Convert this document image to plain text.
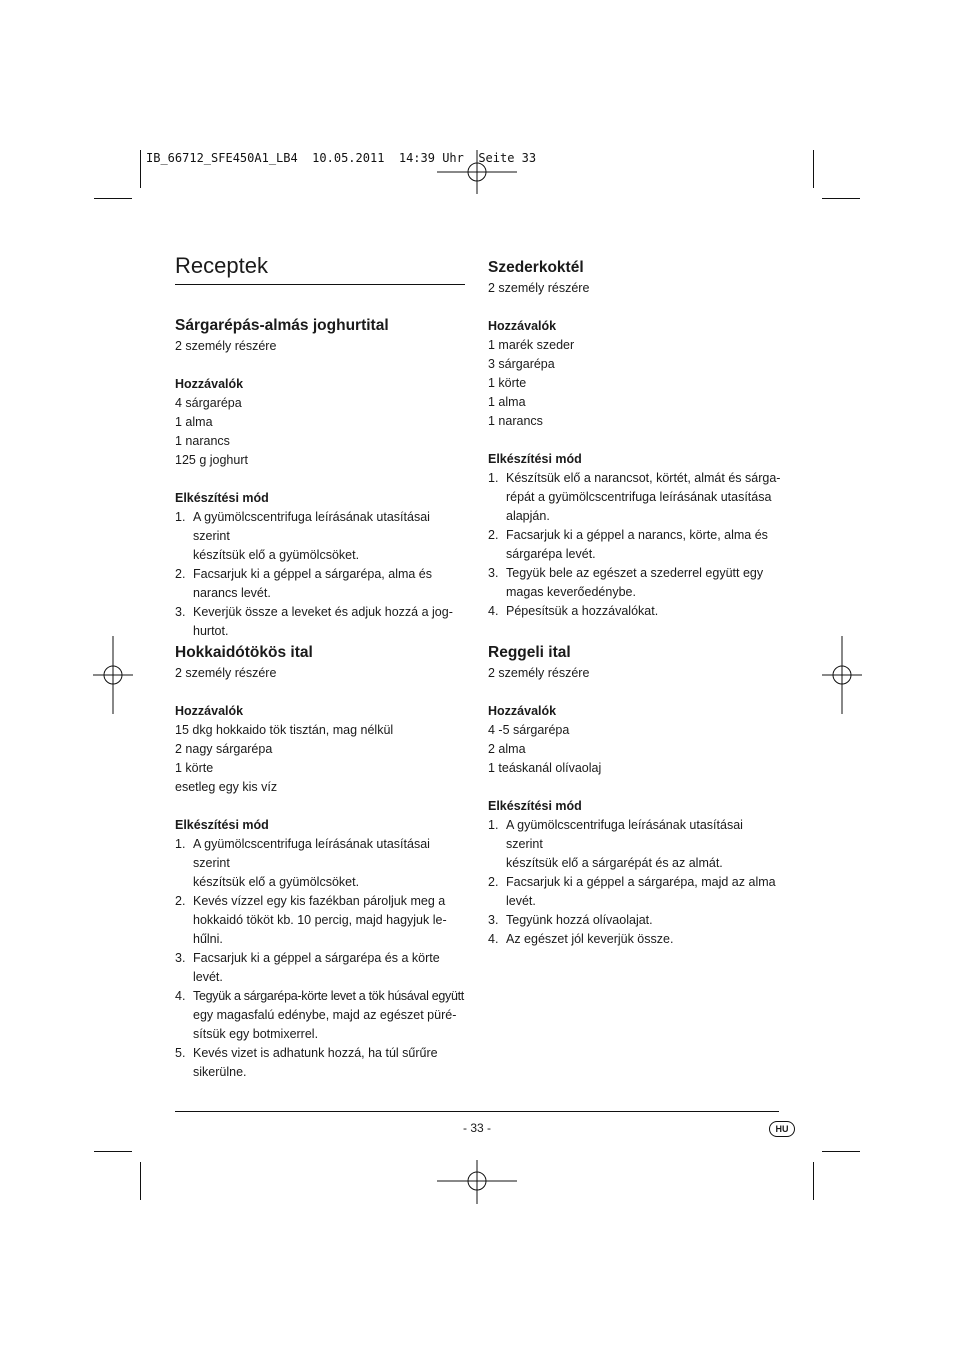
IB_66712_SFE450A1_LB4  10.05.2011  14:39 Uhr  Seite 33
Receptek
Sárgarépás-almás joghurtital

2 személy részére

Hozzávalók
4 sárgarépa
1 alma
1 narancs
125 g joghurt
Elkészítési mód
1. A gyümölcscentrifuga leírásának utasításai szerint
készítsük elő a gyümölcsöket.
2. Facsarjuk ki a géppel a sárgarépa, alma és
narancs levét.
3. Keverjük össze a leveket és adjuk hozzá a jog-
hurtot.
Hokkaidótökös ital

2 személy részére

Hozzávalók
15 dkg hokkaido tök tisztán, mag nélkül
2 nagy sárgarépa
1 körte
esetleg egy kis víz
Elkészítési mód
1. A gyümölcscentrifuga leírásának utasításai szerint
készítsük elő a gyümölcsöket.
2. Kevés vízzel egy kis fazékban pároljuk meg a
hokkaidó tököt kb. 10 percig, majd hagyjuk le-
hűlni.
3. Facsarjuk ki a géppel a sárgarépa és a körte
levét.
4. Tegyük a sárgarépa-körte levet a tök húsával együtt
egy magasfalú edénybe, majd az egészet püré-
sítsük egy botmixerrel.
5. Kevés vizet is adhatunk hozzá, ha túl sűrűre
sikerülne.
Szederkoktél

2 személy részére

Hozzávalók
1 marék szeder
3 sárgarépa
1 körte
1 alma
1 narancs
Elkészítési mód
1. Készítsük elő a narancsot, körtét, almát és sárga-
répát a gyümölcscentrifuga leírásának utasítása
alapján.
2. Facsarjuk ki a géppel a narancs, körte, alma és
sárgarépa levét.
3. Tegyük bele az egészet a szederrel együtt egy
magas keverőedénybe.
4. Pépesítsük a hozzávalókat.
Reggeli ital

2 személy részére

Hozzávalók
4 -5 sárgarépa
2 alma
1 teáskanál olívaolaj
Elkészítési mód
1. A gyümölcscentrifuga leírásának utasításai szerint
készítsük elő a sárgarépát és az almát.
2. Facsarjuk ki a géppel a sárgarépa, majd az alma
levét.
3. Tegyünk hozzá olívaolajat.
4. Az egészet jól keverjük össze.
- 33 -	HU
